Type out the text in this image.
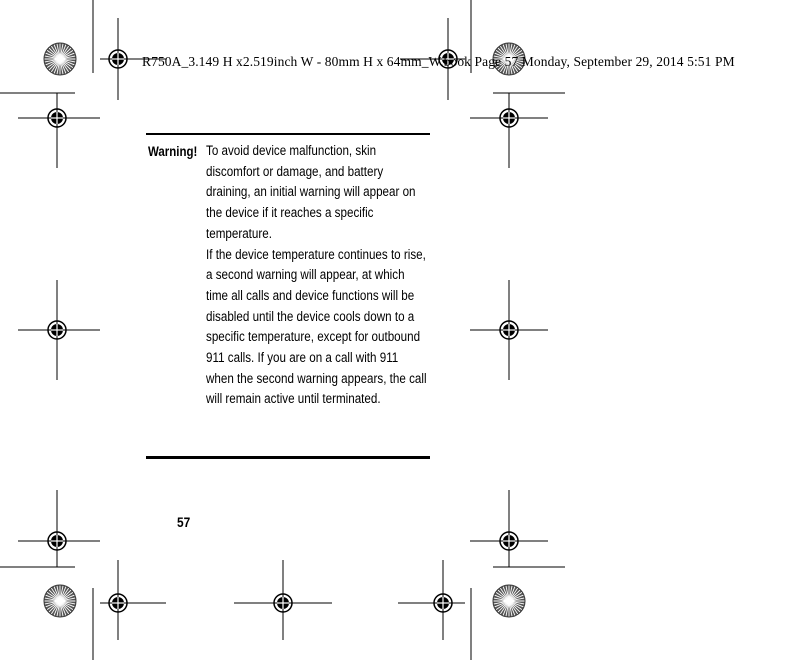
R750A_3.149 H x2.519inch W - 80mm H x 64mm_W.book Page 57 Monday, September 29, 2014 5:51 PM
Warning! To avoid device malfunction, skin discomfort or damage, and battery draining, an initial warning will appear on the device if it reaches a specific temperature.

If the device temperature continues to rise, a second warning will appear, at which time all calls and device functions will be disabled until the device cools down to a specific temperature, except for outbound 911 calls. If you are on a call with 911 when the second warning appears, the call will remain active until terminated.

57
